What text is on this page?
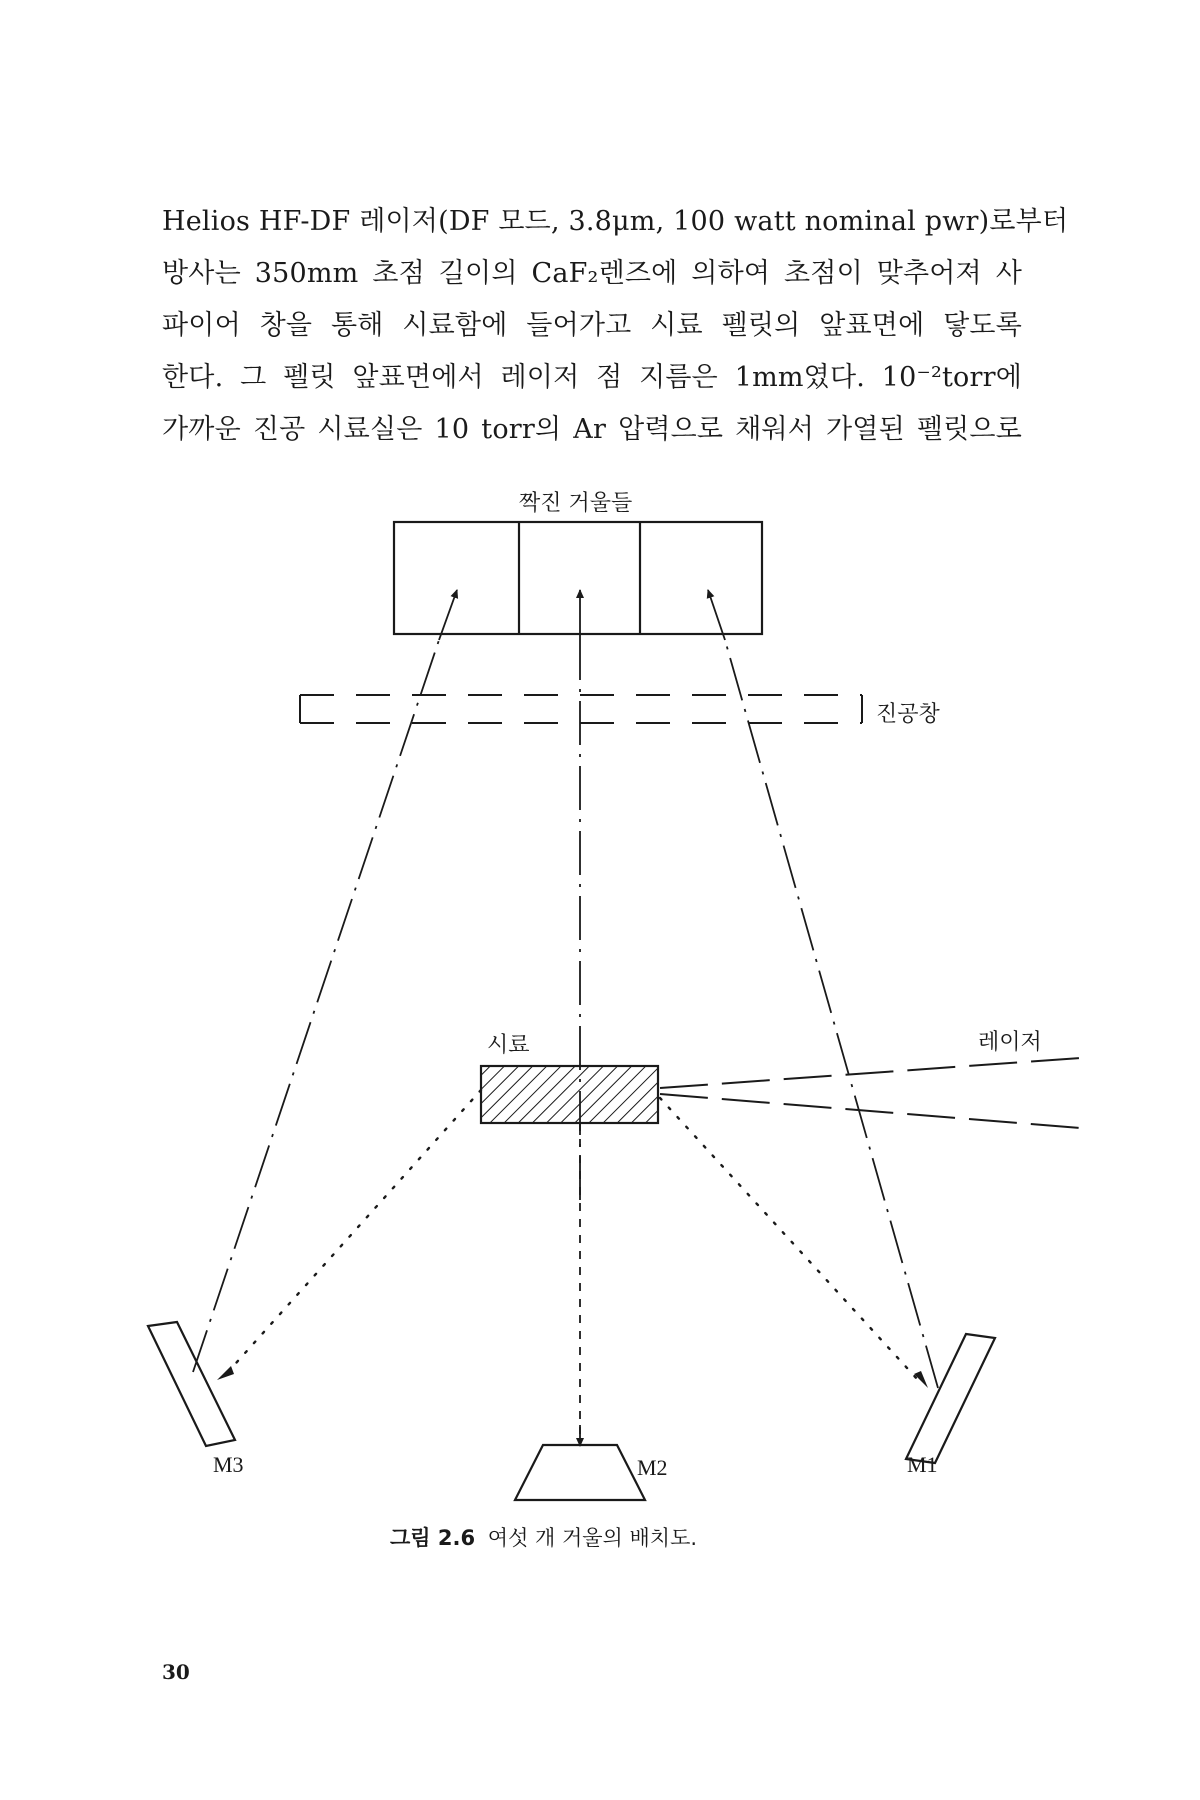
Helios HF-DF 레이저(DF 모드, 3.8μm, 100 watt nominal pwr)로부터
방사는 350mm 초점 길이의 CaF₂렌즈에 의하여 초점이 맞추어져 사
파이어 창을 통해 시료함에 들어가고 시료 펠릿의 앞표면에 닿도록
한다. 그 펠릿 앞표면에서 레이저 점 지름은 1mm였다. 10⁻²torr에
가까운 진공 시료실은 10 torr의 Ar 압력으로 채워서 가열된 펠릿으로
짝진 거울들
진공창
시료	레이저
M3	M2	M1
그림 2.6 여섯 개 거울의 배치도.
30
